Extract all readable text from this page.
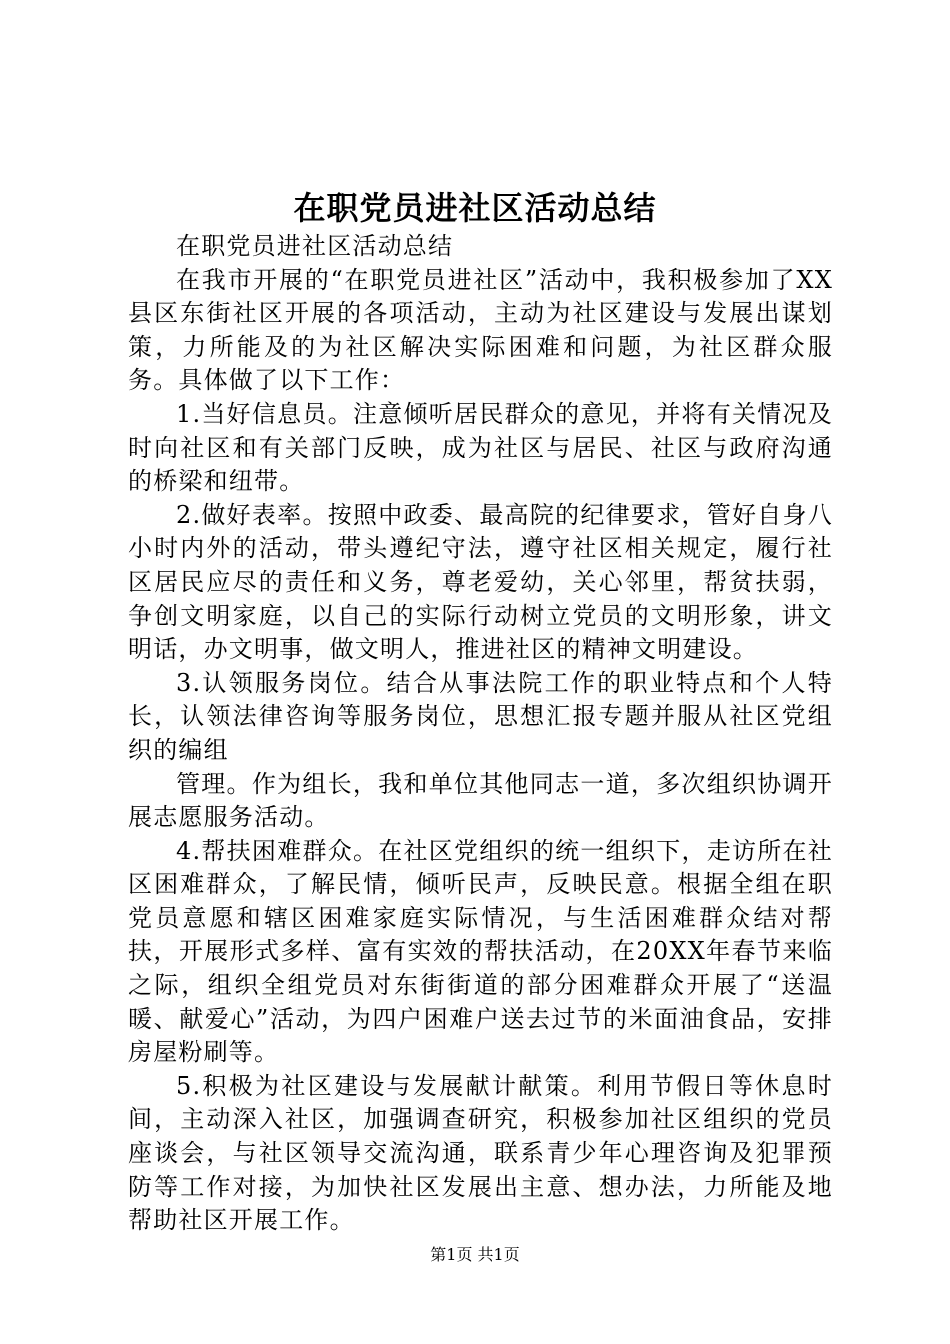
在职党员进社区活动总结

在职党员进社区活动总结

在我市开展的“在职党员进社区”活动中，我积极参加了XX县区东街社区开展的各项活动，主动为社区建设与发展出谋划策，力所能及的为社区解决实际困难和问题，为社区群众服务。具体做了以下工作：

1.当好信息员。注意倾听居民群众的意见，并将有关情况及时向社区和有关部门反映，成为社区与居民、社区与政府沟通的桥梁和纽带。

2.做好表率。按照中政委、最高院的纪律要求，管好自身八小时内外的活动，带头遵纪守法，遵守社区相关规定，履行社区居民应尽的责任和义务，尊老爱幼，关心邻里，帮贫扶弱，争创文明家庭，以自己的实际行动树立党员的文明形象，讲文明话，办文明事，做文明人，推进社区的精神文明建设。

3.认领服务岗位。结合从事法院工作的职业特点和个人特长，认领法律咨询等服务岗位，思想汇报专题并服从社区党组织的编组

管理。作为组长，我和单位其他同志一道，多次组织协调开展志愿服务活动。

4.帮扶困难群众。在社区党组织的统一组织下，走访所在社区困难群众，了解民情，倾听民声，反映民意。根据全组在职党员意愿和辖区困难家庭实际情况，与生活困难群众结对帮扶，开展形式多样、富有实效的帮扶活动，在20XX年春节来临之际，组织全组党员对东街街道的部分困难群众开展了“送温暖、献爱心”活动，为四户困难户送去过节的米面油食品，安排房屋粉刷等。

5.积极为社区建设与发展献计献策。利用节假日等休息时间，主动深入社区，加强调查研究，积极参加社区组织的党员座谈会，与社区领导交流沟通，联系青少年心理咨询及犯罪预防等工作对接，为加快社区发展出主意、想办法，力所能及地帮助社区开展工作。

第1页 共1页
